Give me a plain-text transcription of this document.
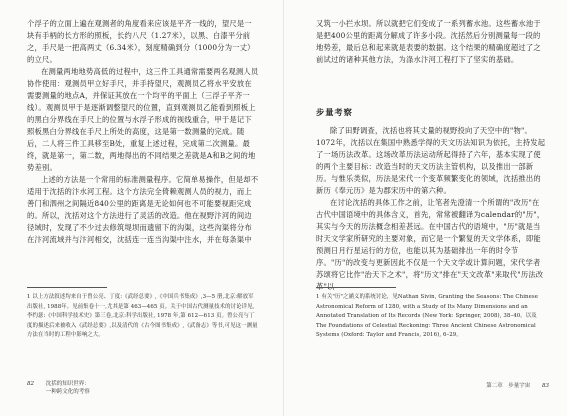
个浮子的立面上遍在观测者的角度看来应该是平齐一线的，望尺是一块有手柄的长方形的照板，长约八尺（1.27米），以黑、白漆平分前之，手尺是一把高两丈（6.34米），刻度精确到分（1000分为一丈）的立尺。

在测量两地地势高低的过程中，这三件工具通常需要两名观测人员协作使用：观测员甲立好手尺，并手持望尺，观测员乙将水平安放在需要测量的地点A，并保证其放在一个均平的平面上（三浮子平齐一线）。观测员甲于是逐渐调整望尺的位置，直到观测员乙能看到照板上的黑白分界线在手尺上的位置与水浮子形成的视线重合，甲于是记下照板黑白分界线在手尺上所处的高度，这是第一数测量的完成。随后，二人将三件工具移至B处，重复上述过程，完成第二次测量。最终，就是第一，第二数，两地得出的不同结果之差就是A和B之间的地势差别。

上述的方法是一个常用的标准测量程序。它简单易操作，但是却不适用于沈括的汴水河工程。这个方法完全倚赖观测人员的视力，而上善门和泗州之间隔近840公里的距离是无论如何也不可能要视距完成的。所以，沈括对这个方法进行了灵活的改造。他在视野汴河的间边径域时，发现了不少过去修筑堤坝而遗留下的沟渠，这些沟渠将分布在汴河流域并与汴河相交，沈括连一连当沟渠中注水，并在每条渠中

1 以上方法叙述均来自于曾公亮、丁度:《武经总要》,《中国兵书集成》,3—5 册,北京:解放军出版社, 1988年。见前集卷十一,尤其是第 463—465 页。关于中国古代测量技术的讨论详见,李约瑟:《中国科学技术史》第三卷,北京:科学出版社, 1978 年,第 612—613 页。曾公亮与丁度的描述后来被收入《武经总要》,以及清代的《古今图书集成》,《武备志》等书,可见这一测量方法在当时的工程中影响之大。
82 沈括的知识世界：
一种跨文化的考察

又筑一小拦水坝。所以就把它们变成了一系列蓄水池。这些蓄水池于是把400公里的距离分解成了许多小段。沈括然后分别测量每一段的地势差，最后总和起来就是表要的数据。这个结果的精确度超过了之前试过的诸种其他方法，为涤水汴河工程打下了坚实的基础。

步量考察

除了田野调查，沈括也将其丈量的视野投向了天空中的"物"。1072年，沈括以在集国中熟悉学得的天文历法知识为依托，主持发起了一场历法改革。这场改革历法运动所起得持了六年，基本实现了使的两个主要目标：改造当时的天文历法主管机构，以及推出一部新历。与惟乐类似，历法是宋代一个变革频繁变化的领域，沈括推出的新历《奉元历》是为郡宋历中的第六种。

在讨论沈括的具体工作之前，让笔者先澄清一个所谓的"改历"在古代中国语境中的具体含义，首先，常常被翻译为calendar的"历"，其实与今天的历法概念相差甚远。在中国古代的语境中，"历"就是当时天文学家所研究的主要对象，而它是一个繁复的天文学体系，即能预测日月行星运行的方位，也能以其为基础排出一年的时令节序。"历"的改变与更新因此不仅是一个天文学或计算问题，宋代学者苏颂将它比作"治天下之术"，将"历文"排在"天文改革"来取代"历法改革"以

1 有关"历"之涵义的系统讨论，见Nathan Sivin, Granting the Seasons: The Chinese Astronomical Reform of 1280, with a Study of Its Many Dimensions and an Annotated Translation of Its Records (New York: Springer, 2008), 38–40。以及The Foundations of Celestial Reckoning: Three Ancient Chinese Astronomical Systems (Oxford: Taylor and Francis, 2016), 6–29。
第二章　步量宇宙 83
